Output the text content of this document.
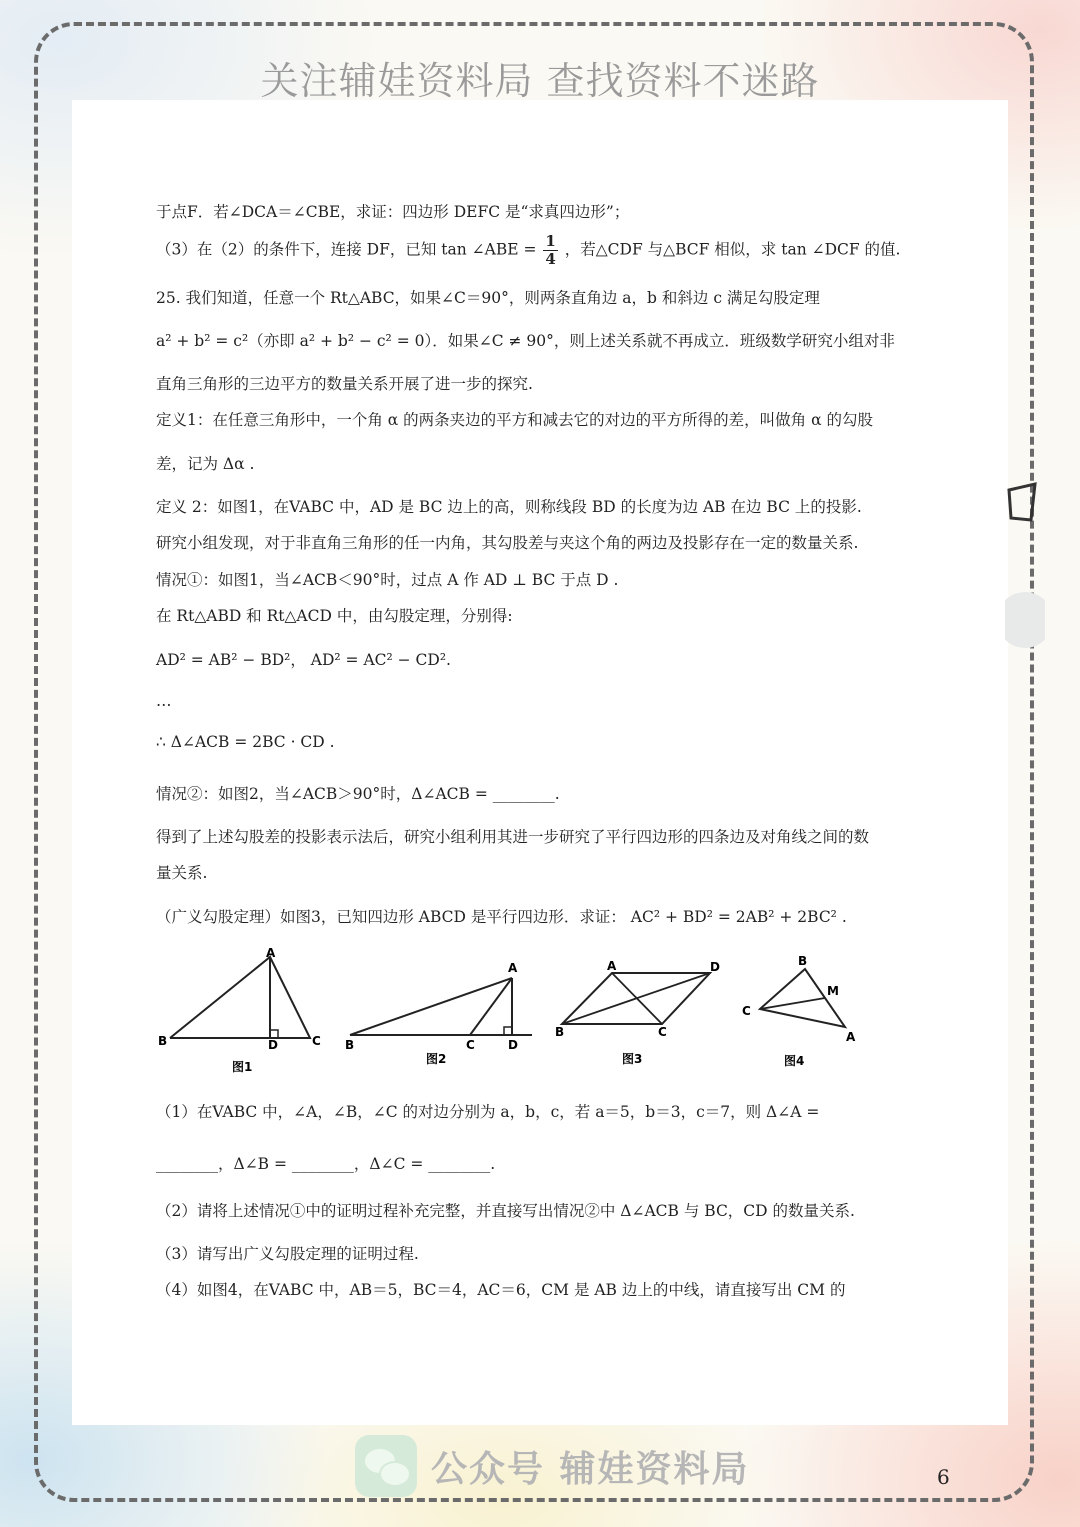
关注辅娃资料局 查找资料不迷路
于点F．若∠DCA＝∠CBE，求证：四边形 DEFC 是“求真四边形”；
（3）在（2）的条件下，连接 DF，已知 tan ∠ABE = $\frac{1}{4}$ ，若△CDF 与△BCF 相似，求 tan ∠DCF 的值.
25. 我们知道，任意一个 Rt△ABC，如果∠C＝90°，则两条直角边 a，b 和斜边 c 满足勾股定理
a² + b² = c²（亦即 a² + b² − c² = 0）．如果∠C ≠ 90°，则上述关系就不再成立．班级数学研究小组对非
直角三角形的三边平方的数量关系开展了进一步的探究.
定义1：在任意三角形中，一个角 α 的两条夹边的平方和减去它的对边的平方所得的差，叫做角 α 的勾股
差，记为 Δα .
定义 2：如图1，在VABC 中，AD 是 BC 边上的高，则称线段 BD 的长度为边 AB 在边 BC 上的投影.
研究小组发现，对于非直角三角形的任一内角，其勾股差与夹这个角的两边及投影存在一定的数量关系.
情况①：如图1，当∠ACB＜90°时，过点 A 作 AD ⊥ BC 于点 D .
在 Rt△ABD 和 Rt△ACD 中，由勾股定理，分别得:
AD² = AB² − BD²， AD² = AC² − CD².
…
∴ Δ∠ACB = 2BC · CD .
情况②：如图2，当∠ACB＞90°时，Δ∠ACB = ________.
得到了上述勾股差的投影表示法后，研究小组利用其进一步研究了平行四边形的四条边及对角线之间的数
量关系.
（广义勾股定理）如图3，已知四边形 ABCD 是平行四边形．求证： AC² + BD² = 2AB² + 2BC² .
A
B	C
D
图1
A
B	C	D
图2
A	D
B	C
图3
B
M
C
A
图4
（1）在VABC 中，∠A，∠B，∠C 的对边分别为 a，b，c，若 a＝5，b＝3，c＝7，则 Δ∠A =
________，Δ∠B = ________，Δ∠C = ________.
（2）请将上述情况①中的证明过程补充完整，并直接写出情况②中 Δ∠ACB 与 BC，CD 的数量关系.
（3）请写出广义勾股定理的证明过程.
（4）如图4，在VABC 中，AB＝5，BC＝4，AC＝6，CM 是 AB 边上的中线，请直接写出 CM 的
公众号 辅娃资料局	6
